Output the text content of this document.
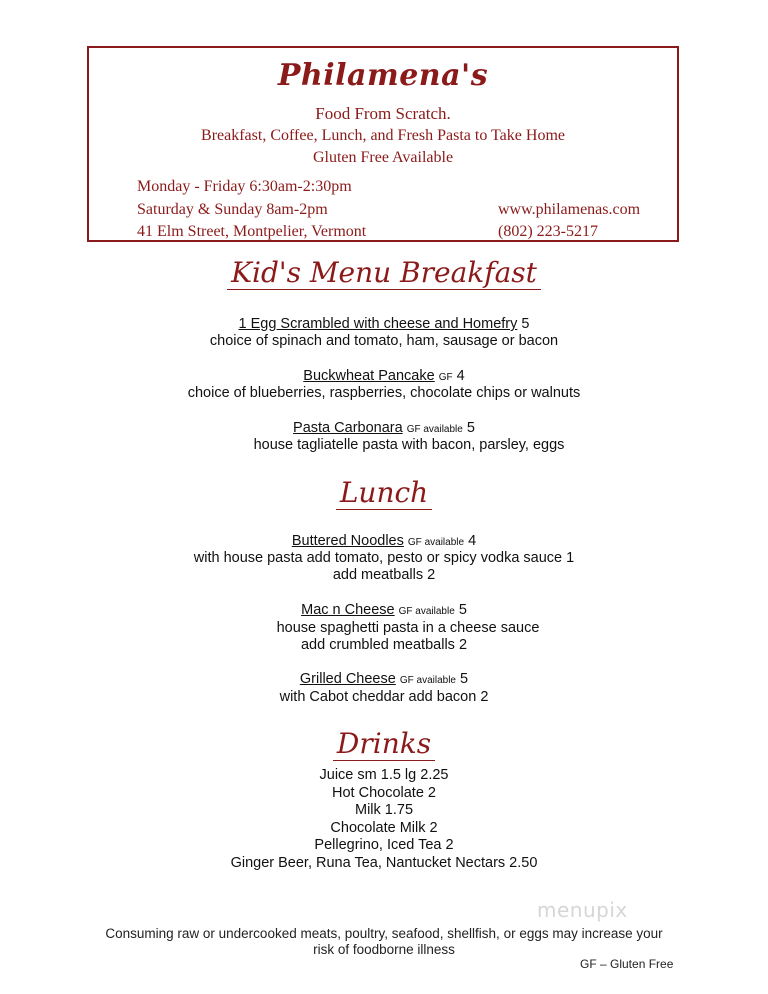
Philamena's
Food From Scratch.
Breakfast, Coffee, Lunch, and Fresh Pasta to Take Home
Gluten Free Available
Monday - Friday 6:30am-2:30pm
Saturday & Sunday 8am-2pm
41 Elm Street, Montpelier, Vermont
www.philamenas.com
(802) 223-5217
Kid's Menu Breakfast
1 Egg Scrambled with cheese and Homefry 5
choice of spinach and tomato, ham, sausage or bacon
Buckwheat Pancake GF 4
choice of blueberries, raspberries, chocolate chips or walnuts
Pasta Carbonara GF available 5
house tagliatelle pasta with bacon, parsley, eggs
Lunch
Buttered Noodles GF available 4
with house pasta add tomato, pesto or spicy vodka sauce 1
add meatballs 2
Mac n Cheese GF available 5
house spaghetti pasta in a cheese sauce
add crumbled meatballs 2
Grilled Cheese GF available 5
with Cabot cheddar add bacon 2
Drinks
Juice sm 1.5 lg 2.25
Hot Chocolate 2
Milk 1.75
Chocolate Milk 2
Pellegrino, Iced Tea 2
Ginger Beer, Runa Tea, Nantucket Nectars 2.50
menupix
Consuming raw or undercooked meats, poultry, seafood, shellfish, or eggs may increase your
risk of foodborne illness
GF – Gluten Free
